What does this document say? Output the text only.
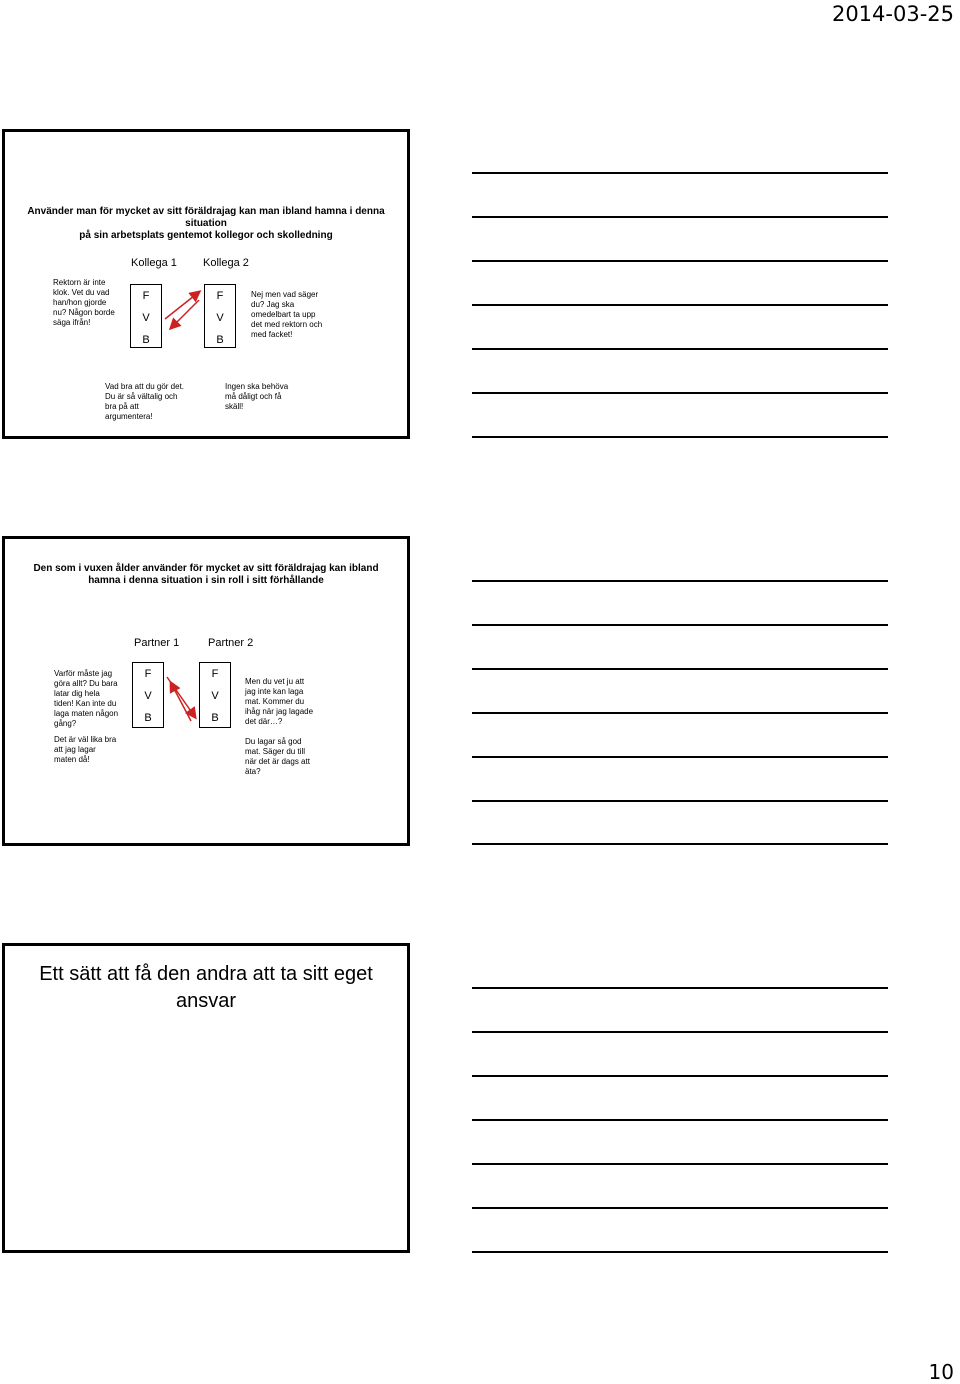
2014-03-25
Använder man för mycket av sitt föräldrajag kan man ibland hamna i denna situation
på sin arbetsplats gentemot kollegor och skolledning
Kollega 1 Kollega 2
F
V
B
F
V
B
Rektorn är inte klok. Vet du vad han/hon gjorde nu? Någon borde säga ifrån!
Nej men vad säger du? Jag ska omedelbart ta upp det med rektorn och med facket!
Vad bra att du gör det. Du är så vältalig och bra på att argumentera!
Ingen ska behöva må dåligt och få skäll!
Den som i vuxen ålder använder för mycket av sitt föräldrajag kan ibland
hamna i denna situation i sin roll i sitt förhållande
Partner 1	Partner 2
F
V
B
F
V
B
Varför måste jag göra allt? Du bara latar dig hela tiden! Kan inte du laga maten någon gång?
Det är väl lika bra att jag lagar maten då!
Men du vet ju att jag inte kan laga mat. Kommer du ihåg när jag lagade det där…?
Du lagar så god mat. Säger du till när det är dags att äta?
Ett sätt att få den andra att ta sitt eget
ansvar
10
